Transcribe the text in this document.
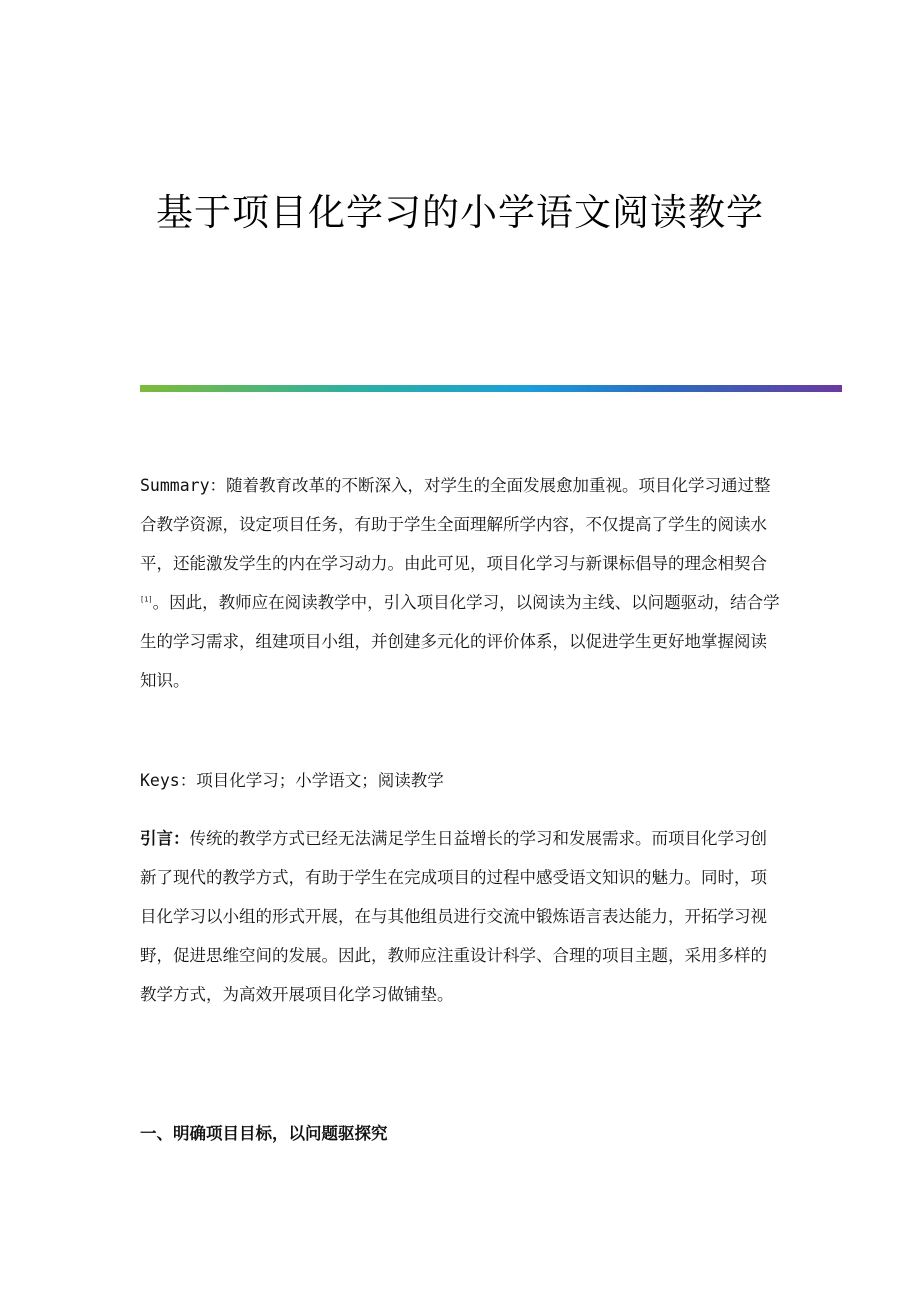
基于项目化学习的小学语文阅读教学

Summary：随着教育改革的不断深入，对学生的全面发展愈加重视。项目化学习通过整合教学资源，设定项目任务，有助于学生全面理解所学内容，不仅提高了学生的阅读水平，还能激发学生的内在学习动力。由此可见，项目化学习与新课标倡导的理念相契合[1]。因此，教师应在阅读教学中，引入项目化学习，以阅读为主线、以问题驱动，结合学生的学习需求，组建项目小组，并创建多元化的评价体系，以促进学生更好地掌握阅读知识。

Keys：项目化学习；小学语文；阅读教学

引言：传统的教学方式已经无法满足学生日益增长的学习和发展需求。而项目化学习创新了现代的教学方式，有助于学生在完成项目的过程中感受语文知识的魅力。同时，项目化学习以小组的形式开展，在与其他组员进行交流中锻炼语言表达能力，开拓学习视野，促进思维空间的发展。因此，教师应注重设计科学、合理的项目主题，采用多样的教学方式，为高效开展项目化学习做铺垫。

一、明确项目目标，以问题驱探究
